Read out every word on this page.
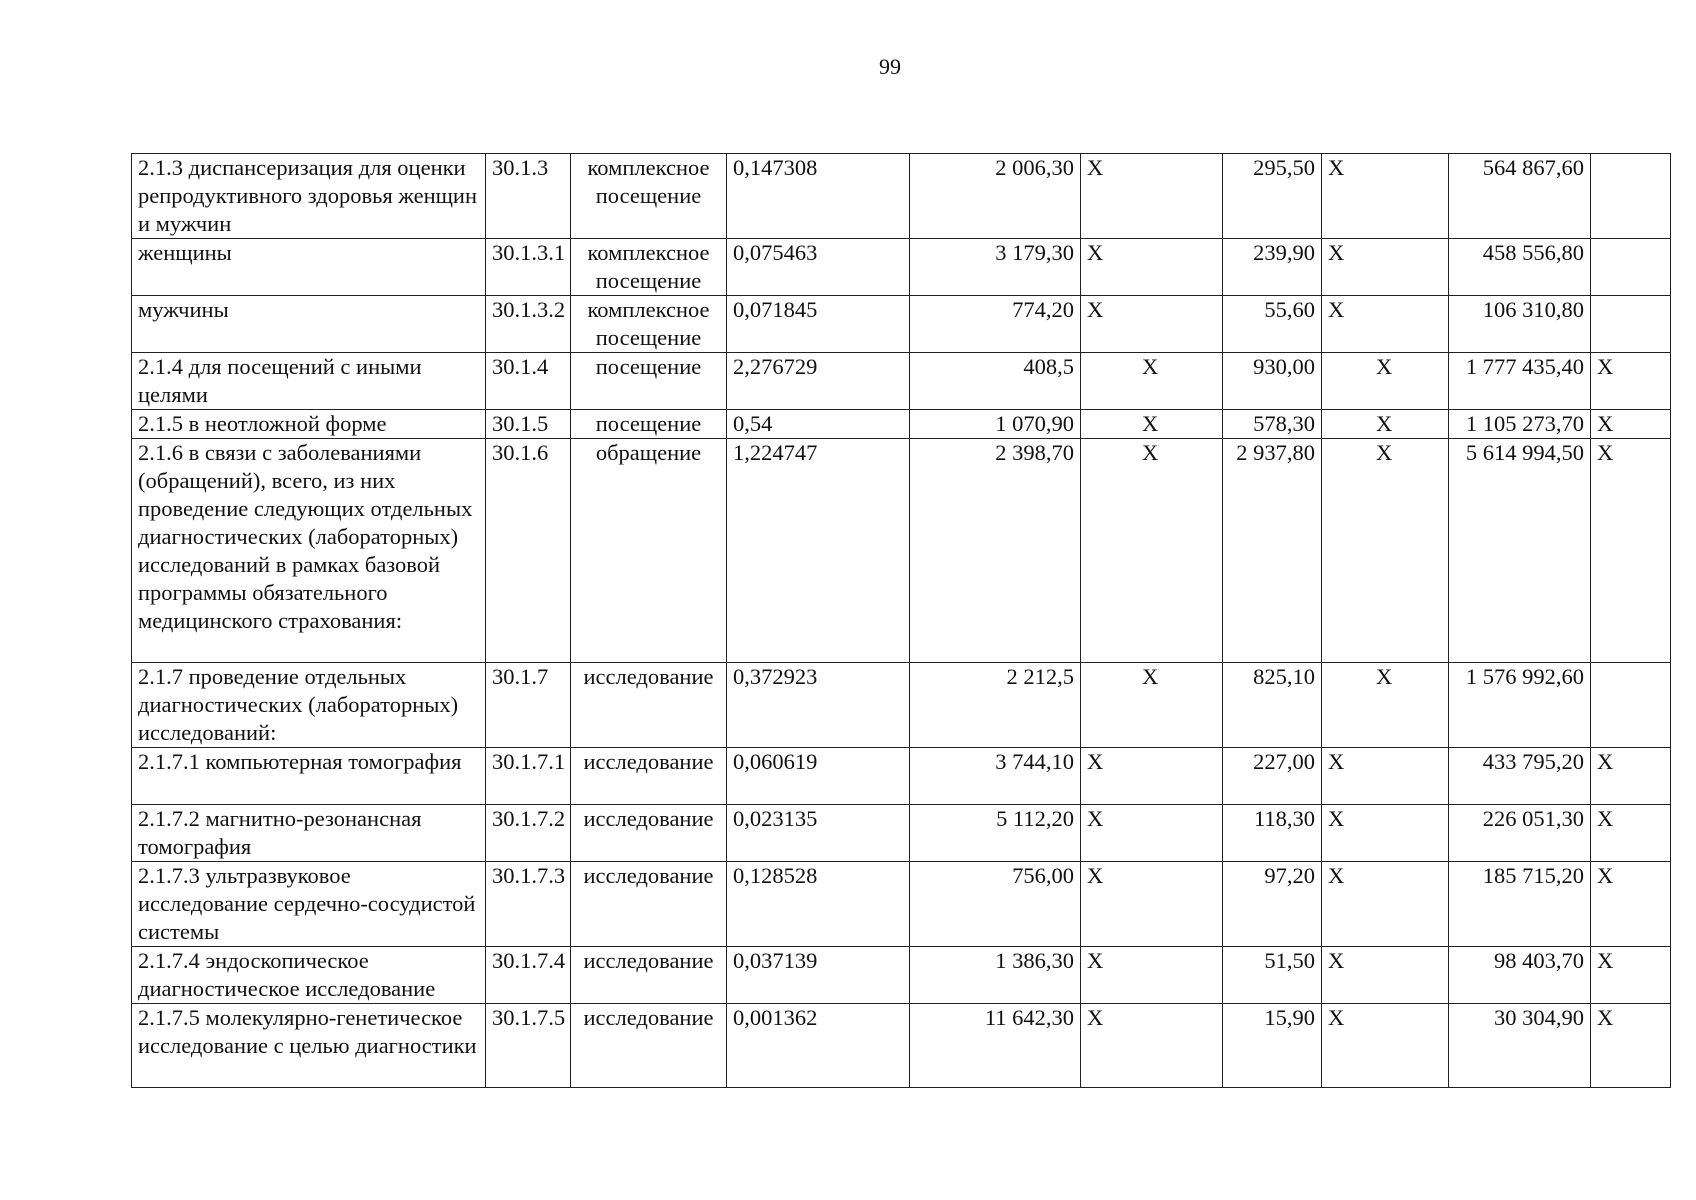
99
2.1.3 диспансеризация для оценки репродуктивного здоровья женщин и мужчин	30.1.3	комплексное посещение	0,147308	2 006,30	X	295,50	X	564 867,60	
женщины	30.1.3.1	комплексное посещение	0,075463	3 179,30	X	239,90	X	458 556,80	
мужчины	30.1.3.2	комплексное посещение	0,071845	774,20	X	55,60	X	106 310,80	
2.1.4 для посещений с иными целями	30.1.4	посещение	2,276729	408,5	X	930,00	X	1 777 435,40	X
2.1.5 в неотложной форме	30.1.5	посещение	0,54	1 070,90	X	578,30	X	1 105 273,70	X
2.1.6 в связи с заболеваниями (обращений), всего, из них проведение следующих отдельных диагностических (лабораторных) исследований в рамках базовой программы обязательного медицинского страхования:	30.1.6	обращение	1,224747	2 398,70	X	2 937,80	X	5 614 994,50	X
2.1.7 проведение отдельных диагностических (лабораторных) исследований:	30.1.7	исследование	0,372923	2 212,5	X	825,10	X	1 576 992,60	
2.1.7.1 компьютерная томография	30.1.7.1	исследование	0,060619	3 744,10	X	227,00	X	433 795,20	X
2.1.7.2 магнитно-резонансная томография	30.1.7.2	исследование	0,023135	5 112,20	X	118,30	X	226 051,30	X
2.1.7.3 ультразвуковое исследование сердечно-сосудистой системы	30.1.7.3	исследование	0,128528	756,00	X	97,20	X	185 715,20	X
2.1.7.4 эндоскопическое диагностическое исследование	30.1.7.4	исследование	0,037139	1 386,30	X	51,50	X	98 403,70	X
2.1.7.5 молекулярно-генетическое исследование с целью диагностики	30.1.7.5	исследование	0,001362	11 642,30	X	15,90	X	30 304,90	X
